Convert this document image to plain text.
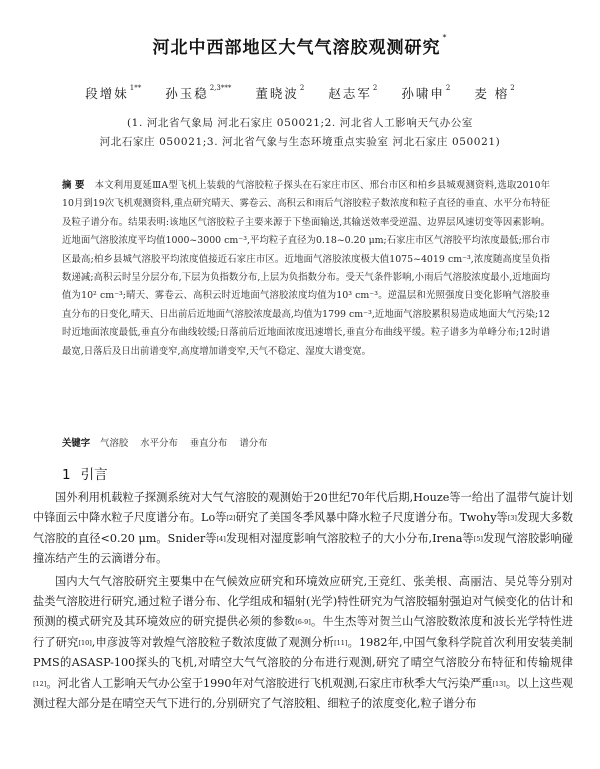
河北中西部地区大气气溶胶观测研究*
段增妹$^{1**}$ 孙玉稳$^{2,3***}$ 董晓波$^2$ 赵志军$^2$ 孙啸申$^2$ 麦 榕$^2$
(1. 河北省气象局 河北石家庄 050021;2. 河北省人工影响天气办公室
河北石家庄 050021;3. 河北省气象与生态环境重点实验室 河北石家庄 050021)
摘 要 本文利用夏延ⅢA型飞机上装载的气溶胶粒子探头在石家庄市区、邢台市区和柏乡县城观测资料,选取2010年10月到19次飞机观测资料,重点研究晴天、雾卷云、高积云和雨后气溶胶粒子数浓度和粒子直径的垂直、水平分布特征及粒子谱分布。结果表明:该地区气溶胶粒子主要来源于下垫面输送,其输送效率受逆温、边界层风速切变等因素影响。近地面气溶胶浓度平均值1000~3000 cm⁻³,平均粒子直径为0.18~0.20 μm;石家庄市区气溶胶平均浓度最低;邢台市区最高;柏乡县城气溶胶平均浓度值接近石家庄市区。近地面气溶胶浓度极大值1075~4019 cm⁻³,浓度随高度呈负指数递减;高积云时呈分层分布,下层为负指数分布,上层为负指数分布。受天气条件影响,小雨后气溶胶浓度最小,近地面均值为10² cm⁻³;晴天、雾卷云、高积云时近地面气溶胶浓度均值为10³ cm⁻³。逆温层和光照强度日变化影响气溶胶垂直分布的日变化,晴天、日出前后近地面气溶胶浓度最高,均值为1799 cm⁻³,近地面气溶胶累积易造成地面大气污染;12时近地面浓度最低,垂直分布曲线较缓;日落前后近地面浓度迅速增长,垂直分布曲线平缓。粒子谱多为单峰分布;12时谱最宽,日落后及日出前谱变窄,高度增加谱变窄,天气不稳定、湿度大谱变宽。
关键字 气溶胶 水平分布 垂直分布 谱分布
1 引言

国外利用机载粒子探测系统对大气气溶胶的观测始于20世纪70年代后期,Houze等一给出了温带气旋计划中锋面云中降水粒子尺度谱分布。Lo等[2]研究了美国冬季风暴中降水粒子尺度谱分布。Twohy等[3]发现大多数气溶胶的直径<0.20 μm。Snider等[4]发现相对湿度影响气溶胶粒子的大小分布,Irena等[5]发现气溶胶影响碰撞冻结产生的云滴谱分布。

国内大气气溶胶研究主要集中在气候效应研究和环境效应研究,王竞红、张美根、高丽洁、吴兑等分别对盐类气溶胶进行研究,通过粒子谱分布、化学组成和辐射(光学)特性研究为气溶胶辐射强迫对气候变化的估计和预测的模式研究及其环境效应的研究提供必须的参数[6-9]。牛生杰等对贺兰山气溶胶数浓度和波长光学特性进行了研究[10],申彦波等对敦煌气溶胶粒子数浓度做了观测分析[11]。1982年,中国气象科学院首次利用安装美制PMS的ASASP-100探头的飞机,对晴空大气气溶胶的分布进行观测,研究了晴空气溶胶分布特征和传输规律[12]。河北省人工影响天气办公室于1990年对气溶胶进行飞机观测,石家庄市秋季大气污染严重[13]。以上这些观测过程大部分是在晴空天气下进行的,分别研究了气溶胶粗、细粒子的浓度变化,粒子谱分布
